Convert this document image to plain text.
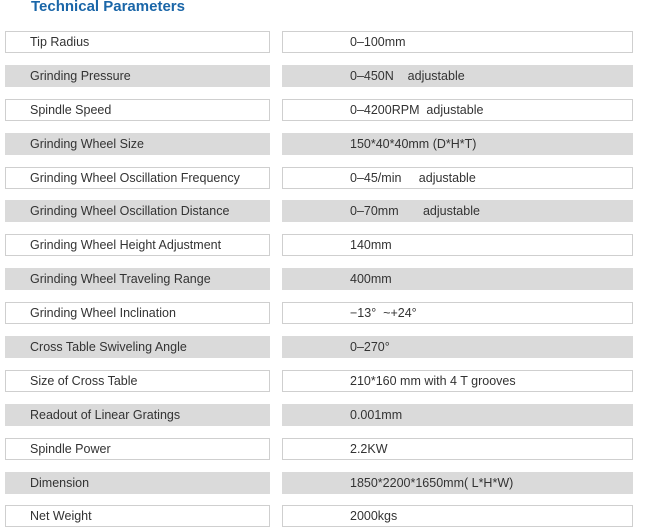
Technical Parameters
Tip Radius	0–100mm
Grinding Pressure	0–450N    adjustable
Spindle Speed	0–4200RPM  adjustable
Grinding Wheel Size	150*40*40mm (D*H*T)
Grinding Wheel Oscillation Frequency	0–45/min     adjustable
Grinding Wheel Oscillation Distance	0–70mm       adjustable
Grinding Wheel Height Adjustment	140mm
Grinding Wheel Traveling Range	400mm
Grinding Wheel Inclination	−13°  ~+24°
Cross Table Swiveling Angle	0–270°
Size of Cross Table	210*160 mm with 4 T grooves
Readout of Linear Gratings	0.001mm
Spindle Power	2.2KW
Dimension	1850*2200*1650mm( L*H*W)
Net Weight	2000kgs
